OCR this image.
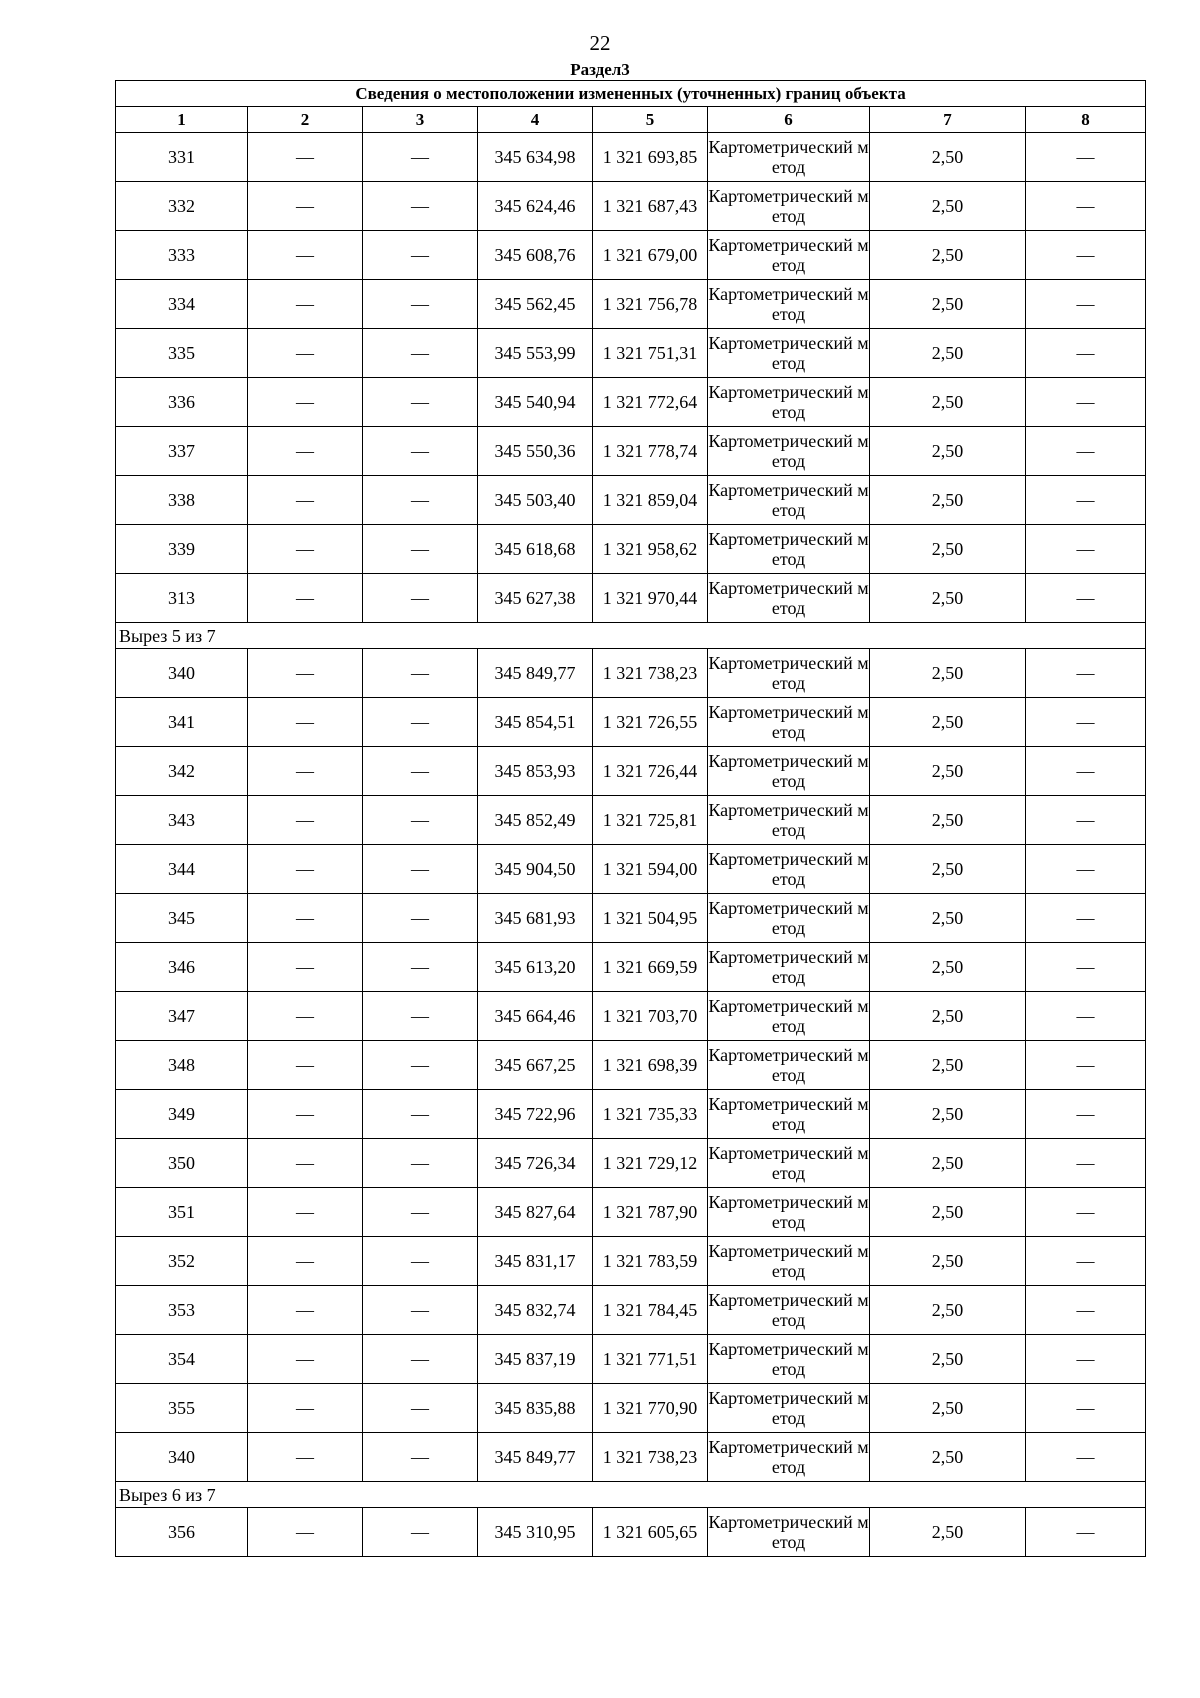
22
Раздел3
Сведения о местоположении измененных (уточненных) границ объекта							
1	2	3	4	5	6	7	8
331	—	—	345 634,98	1 321 693,85	Картометрический метод	2,50	—
332	—	—	345 624,46	1 321 687,43	Картометрический метод	2,50	—
333	—	—	345 608,76	1 321 679,00	Картометрический метод	2,50	—
334	—	—	345 562,45	1 321 756,78	Картометрический метод	2,50	—
335	—	—	345 553,99	1 321 751,31	Картометрический метод	2,50	—
336	—	—	345 540,94	1 321 772,64	Картометрический метод	2,50	—
337	—	—	345 550,36	1 321 778,74	Картометрический метод	2,50	—
338	—	—	345 503,40	1 321 859,04	Картометрический метод	2,50	—
339	—	—	345 618,68	1 321 958,62	Картометрический метод	2,50	—
313	—	—	345 627,38	1 321 970,44	Картометрический метод	2,50	—
Вырез 5 из 7							
340	—	—	345 849,77	1 321 738,23	Картометрический метод	2,50	—
341	—	—	345 854,51	1 321 726,55	Картометрический метод	2,50	—
342	—	—	345 853,93	1 321 726,44	Картометрический метод	2,50	—
343	—	—	345 852,49	1 321 725,81	Картометрический метод	2,50	—
344	—	—	345 904,50	1 321 594,00	Картометрический метод	2,50	—
345	—	—	345 681,93	1 321 504,95	Картометрический метод	2,50	—
346	—	—	345 613,20	1 321 669,59	Картометрический метод	2,50	—
347	—	—	345 664,46	1 321 703,70	Картометрический метод	2,50	—
348	—	—	345 667,25	1 321 698,39	Картометрический метод	2,50	—
349	—	—	345 722,96	1 321 735,33	Картометрический метод	2,50	—
350	—	—	345 726,34	1 321 729,12	Картометрический метод	2,50	—
351	—	—	345 827,64	1 321 787,90	Картометрический метод	2,50	—
352	—	—	345 831,17	1 321 783,59	Картометрический метод	2,50	—
353	—	—	345 832,74	1 321 784,45	Картометрический метод	2,50	—
354	—	—	345 837,19	1 321 771,51	Картометрический метод	2,50	—
355	—	—	345 835,88	1 321 770,90	Картометрический метод	2,50	—
340	—	—	345 849,77	1 321 738,23	Картометрический метод	2,50	—
Вырез 6 из 7							
356	—	—	345 310,95	1 321 605,65	Картометрический метод	2,50	—
